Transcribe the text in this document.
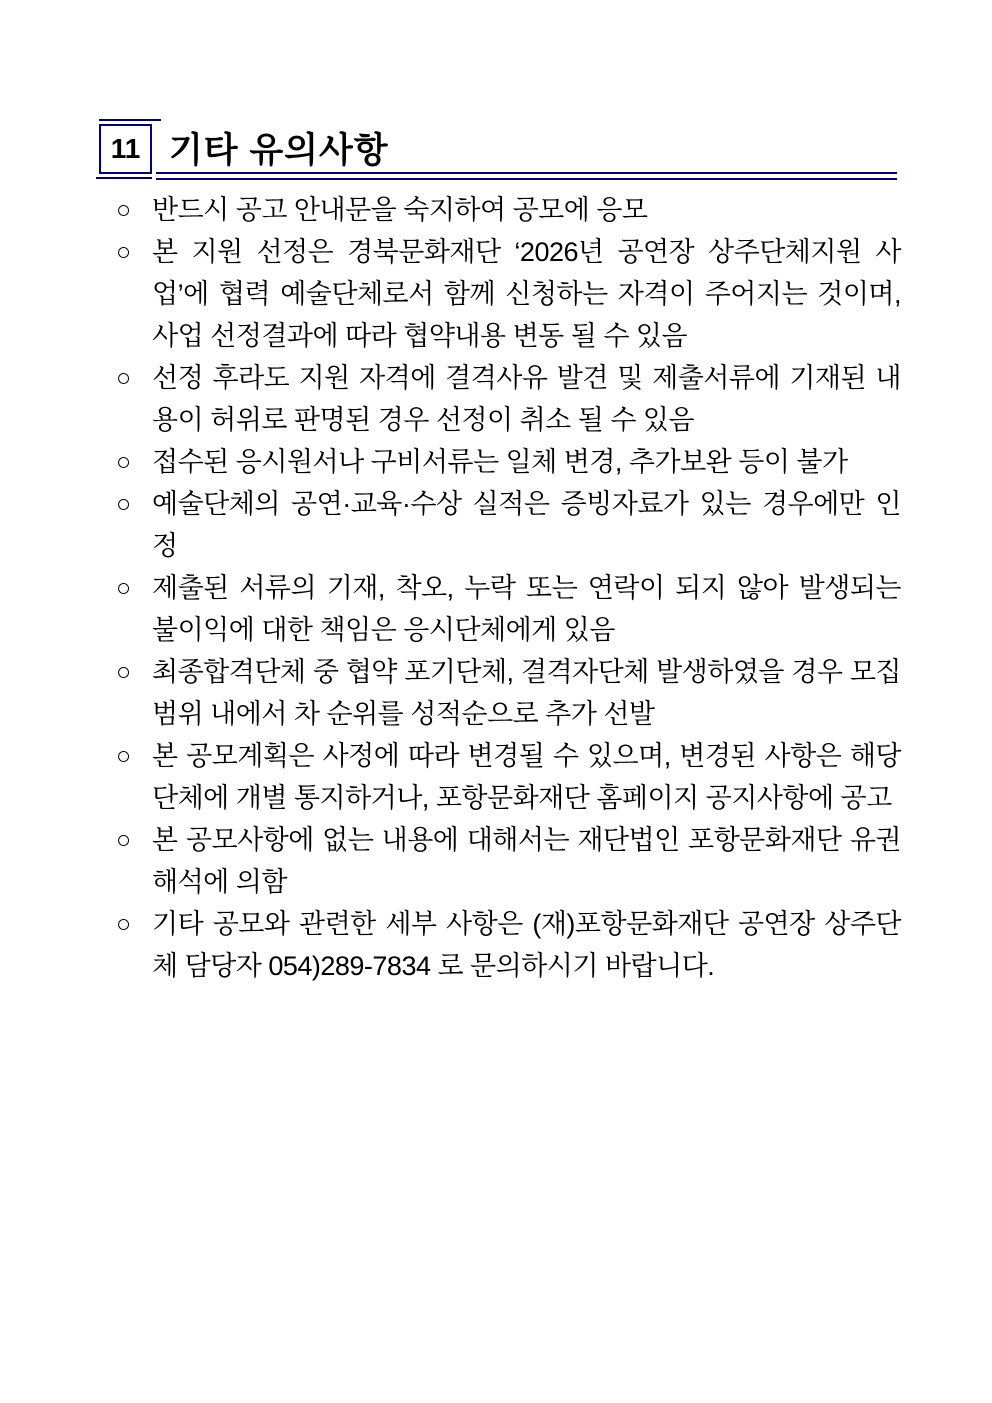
11 기타 유의사항

○ 반드시 공고 안내문을 숙지하여 공모에 응모

○ 본 지원 선정은 경북문화재단 ‘2026년 공연장 상주단체지원 사업’에 협력 예술단체로서 함께 신청하는 자격이 주어지는 것이며, 사업 선정결과에 따라 협약내용 변동 될 수 있음

○ 선정 후라도 지원 자격에 결격사유 발견 및 제출서류에 기재된 내용이 허위로 판명된 경우 선정이 취소 될 수 있음

○ 접수된 응시원서나 구비서류는 일체 변경, 추가보완 등이 불가

○ 예술단체의 공연·교육·수상 실적은 증빙자료가 있는 경우에만 인정

○ 제출된 서류의 기재, 착오, 누락 또는 연락이 되지 않아 발생되는 불이익에 대한 책임은 응시단체에게 있음

○ 최종합격단체 중 협약 포기단체, 결격자단체 발생하였을 경우 모집 범위 내에서 차 순위를 성적순으로 추가 선발

○ 본 공모계획은 사정에 따라 변경될 수 있으며, 변경된 사항은 해당단체에 개별 통지하거나, 포항문화재단 홈페이지 공지사항에 공고

○ 본 공모사항에 없는 내용에 대해서는 재단법인 포항문화재단 유권해석에 의함

○ 기타 공모와 관련한 세부 사항은 (재)포항문화재단 공연장 상주단체 담당자 054)289-7834 로 문의하시기 바랍니다.
